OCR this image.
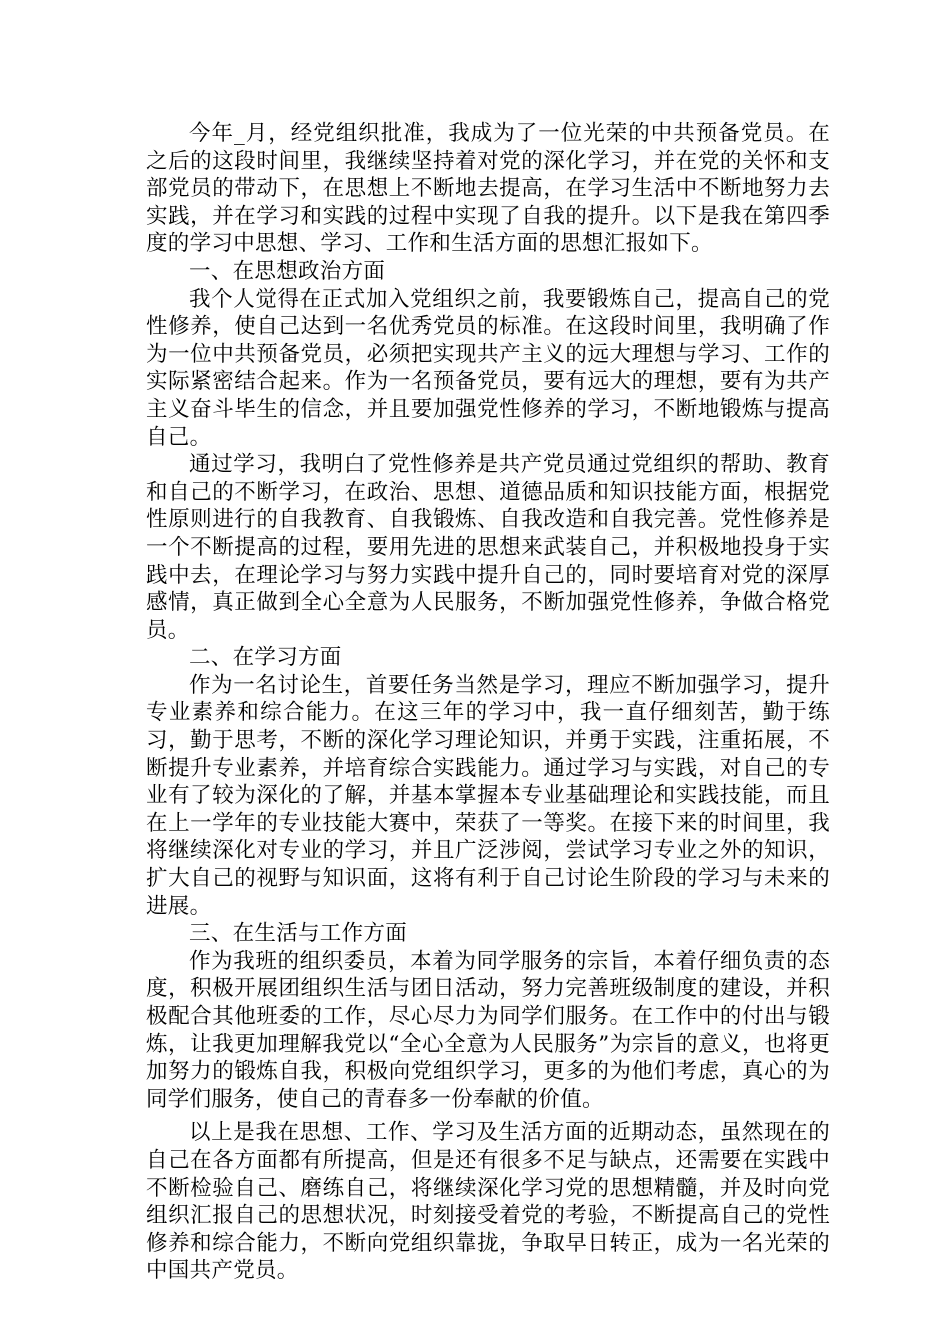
今年_月，经党组织批准，我成为了一位光荣的中共预备党员。在之后的这段时间里，我继续坚持着对党的深化学习，并在党的关怀和支部党员的带动下，在思想上不断地去提高，在学习生活中不断地努力去实践，并在学习和实践的过程中实现了自我的提升。以下是我在第四季度的学习中思想、学习、工作和生活方面的思想汇报如下。

一、在思想政治方面

我个人觉得在正式加入党组织之前，我要锻炼自己，提高自己的党性修养，使自己达到一名优秀党员的标准。在这段时间里，我明确了作为一位中共预备党员，必须把实现共产主义的远大理想与学习、工作的实际紧密结合起来。作为一名预备党员，要有远大的理想，要有为共产主义奋斗毕生的信念，并且要加强党性修养的学习，不断地锻炼与提高自己。

通过学习，我明白了党性修养是共产党员通过党组织的帮助、教育和自己的不断学习，在政治、思想、道德品质和知识技能方面，根据党性原则进行的自我教育、自我锻炼、自我改造和自我完善。党性修养是一个不断提高的过程，要用先进的思想来武装自己，并积极地投身于实践中去，在理论学习与努力实践中提升自己的，同时要培育对党的深厚感情，真正做到全心全意为人民服务，不断加强党性修养，争做合格党员。

二、在学习方面

作为一名讨论生，首要任务当然是学习，理应不断加强学习，提升专业素养和综合能力。在这三年的学习中，我一直仔细刻苦，勤于练习，勤于思考，不断的深化学习理论知识，并勇于实践，注重拓展，不断提升专业素养，并培育综合实践能力。通过学习与实践，对自己的专业有了较为深化的了解，并基本掌握本专业基础理论和实践技能，而且在上一学年的专业技能大赛中，荣获了一等奖。在接下来的时间里，我将继续深化对专业的学习，并且广泛涉阅，尝试学习专业之外的知识，扩大自己的视野与知识面，这将有利于自己讨论生阶段的学习与未来的进展。

三、在生活与工作方面

作为我班的组织委员，本着为同学服务的宗旨，本着仔细负责的态度，积极开展团组织生活与团日活动，努力完善班级制度的建设，并积极配合其他班委的工作，尽心尽力为同学们服务。在工作中的付出与锻炼，让我更加理解我党以“全心全意为人民服务”为宗旨的意义，也将更加努力的锻炼自我，积极向党组织学习，更多的为他们考虑，真心的为同学们服务，使自己的青春多一份奉献的价值。

以上是我在思想、工作、学习及生活方面的近期动态，虽然现在的自己在各方面都有所提高，但是还有很多不足与缺点，还需要在实践中不断检验自己、磨练自己，将继续深化学习党的思想精髓，并及时向党组织汇报自己的思想状况，时刻接受着党的考验，不断提高自己的党性修养和综合能力，不断向党组织靠拢，争取早日转正，成为一名光荣的中国共产党员。
